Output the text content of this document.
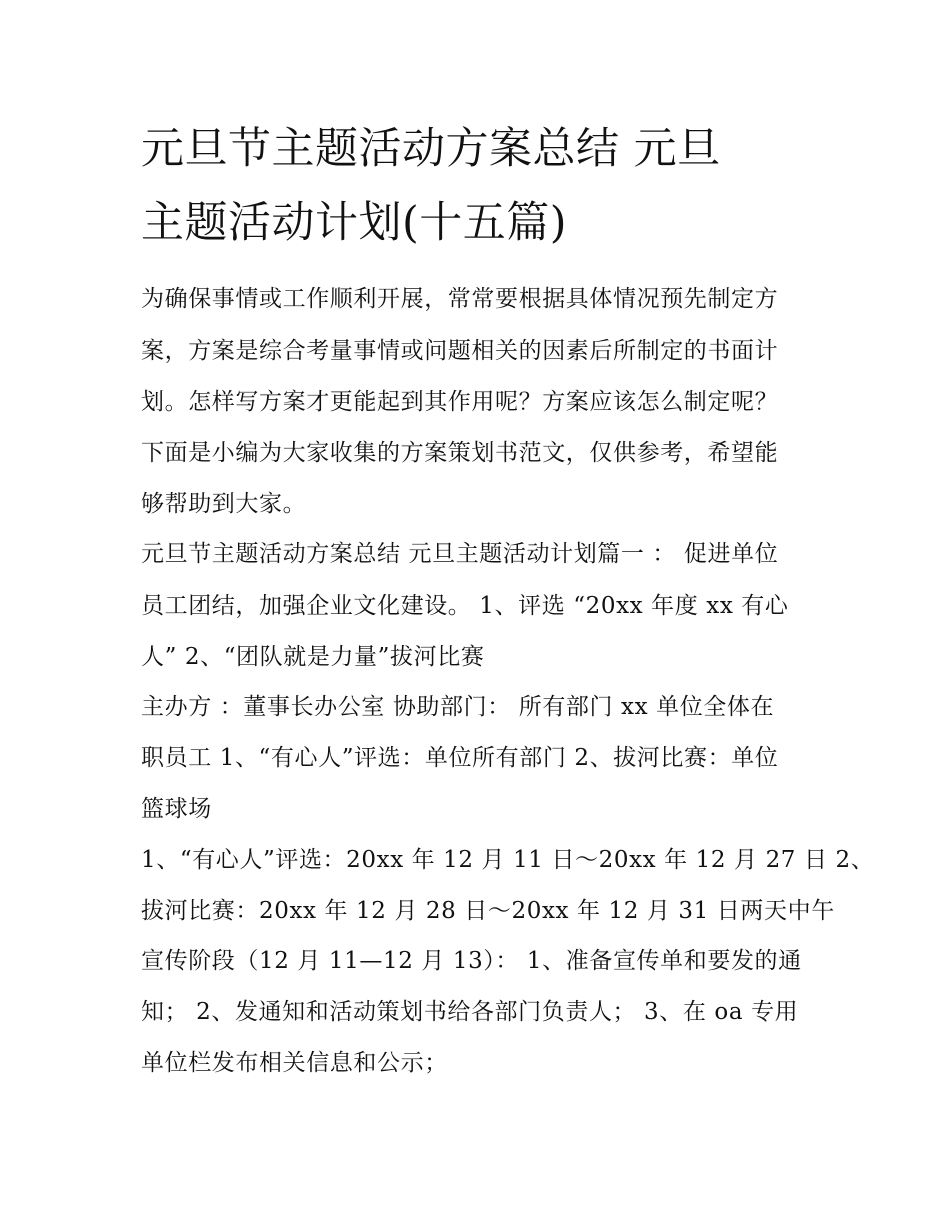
元旦节主题活动方案总结 元旦
主题活动计划(十五篇)

为确保事情或工作顺利开展，常常要根据具体情况预先制定方

案，方案是综合考量事情或问题相关的因素后所制定的书面计

划。怎样写方案才更能起到其作用呢？方案应该怎么制定呢？

下面是小编为大家收集的方案策划书范文，仅供参考，希望能

够帮助到大家。

元旦节主题活动方案总结 元旦主题活动计划篇一 ： 促进单位

员工团结，加强企业文化建设。 1、评选 “20xx 年度 xx 有心

人” 2、“团队就是力量”拔河比赛

主办方 ：董事长办公室 协助部门： 所有部门 xx 单位全体在

职员工 1、“有心人”评选：单位所有部门 2、拔河比赛：单位

篮球场

1、“有心人”评选：20xx 年 12 月 11 日～20xx 年 12 月 27 日 2、

拔河比赛：20xx 年 12 月 28 日～20xx 年 12 月 31 日两天中午

宣传阶段（12 月 11—12 月 13）： 1、准备宣传单和要发的通

知； 2、发通知和活动策划书给各部门负责人； 3、在 oa 专用

单位栏发布相关信息和公示；
